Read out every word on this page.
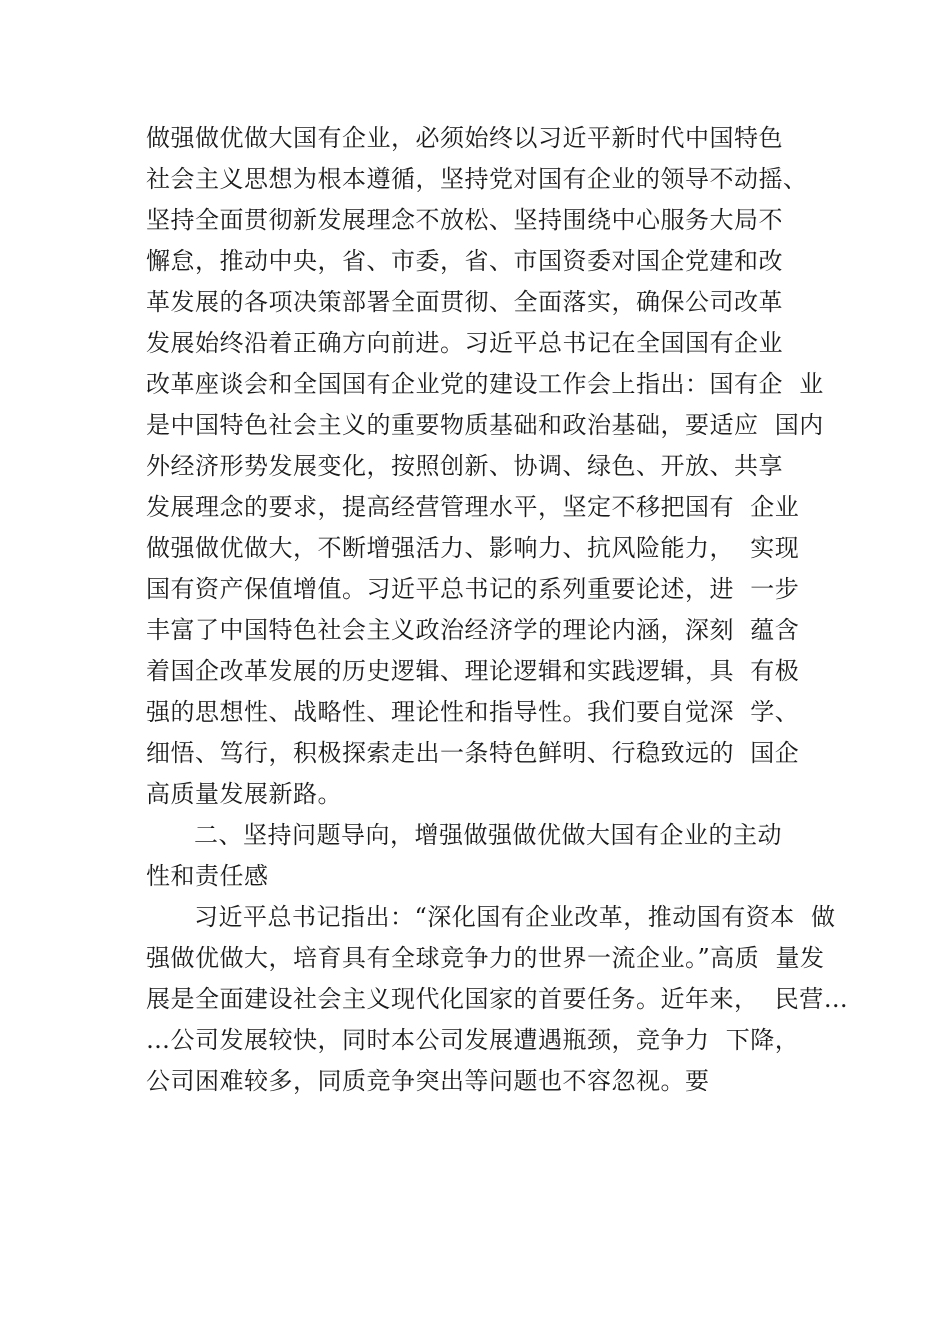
做强做优做大国有企业，必须始终以习近平新时代中国特色
社会主义思想为根本遵循，坚持党对国有企业的领导不动摇、
坚持全面贯彻新发展理念不放松、坚持围绕中心服务大局不
懈怠，推动中央，省、市委，省、市国资委对国企党建和改
革发展的各项决策部署全面贯彻、全面落实，确保公司改革
发展始终沿着正确方向前进。习近平总书记在全国国有企业
改革座谈会和全国国有企业党的建设工作会上指出：国有企  业
是中国特色社会主义的重要物质基础和政治基础，要适应  国内
外经济形势发展变化，按照创新、协调、绿色、开放、共享
发展理念的要求，提高经营管理水平，坚定不移把国有  企业
做强做优做大，不断增强活力、影响力、抗风险能力，  实现
国有资产保值增值。习近平总书记的系列重要论述，进  一步
丰富了中国特色社会主义政治经济学的理论内涵，深刻  蕴含
着国企改革发展的历史逻辑、理论逻辑和实践逻辑，具  有极
强的思想性、战略性、理论性和指导性。我们要自觉深  学、
细悟、笃行，积极探索走出一条特色鲜明、行稳致远的  国企
高质量发展新路。
二、坚持问题导向，增强做强做优做大国有企业的主动
性和责任感
习近平总书记指出：“深化国有企业改革，推动国有资本  做
强做优做大，培育具有全球竞争力的世界一流企业。”高质  量发
展是全面建设社会主义现代化国家的首要任务。近年来，  民营…
…公司发展较快，同时本公司发展遭遇瓶颈，竞争力  下降，
公司困难较多，同质竞争突出等问题也不容忽视。要
